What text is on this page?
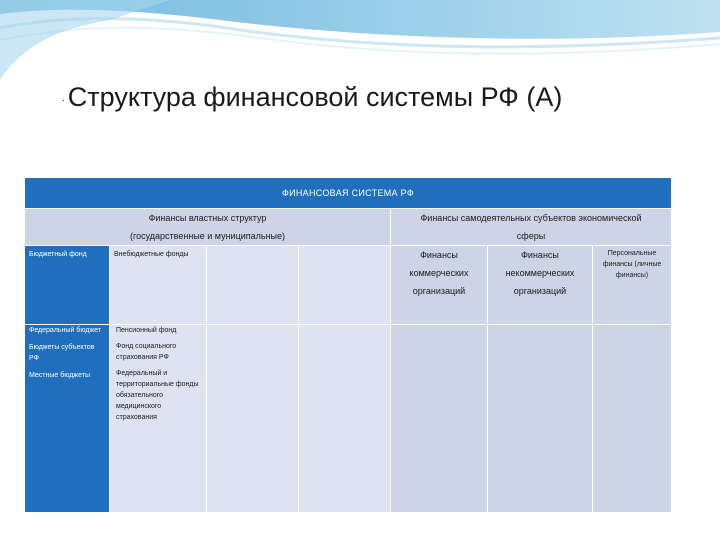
. Структура финансовой системы РФ (А)
ФИНАНСОВАЯ СИСТЕМА РФ
Финансы властных структур
(государственные и муниципальные)
Финансы самодеятельных субъектов экономической
сферы
Бюджетный фонд	Внебюджетные фонды	Финансы
коммерческих
организаций
Финансы
некоммерческих
организаций
Персональные
финансы (личные
финансы)
Федеральный бюджет
Бюджеты субъектов РФ
Местные бюджеты
Пенсионный фонд
Фонд социального страхования РФ
Федеральный и территориальные фонды обязательного медицинского страхования
